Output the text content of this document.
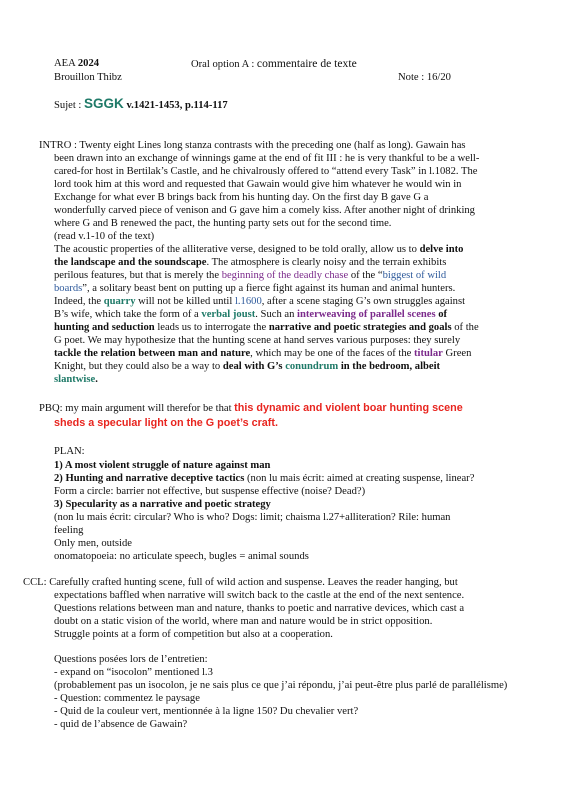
AEA 2024	Oral option A : commentaire de texte
Brouillon Thibz	Note : 16/20
Sujet : SGGK v.1421-1453, p.114-117
INTRO : Twenty eight Lines long stanza contrasts with the preceding one (half as long). Gawain has
been drawn into an exchange of winnings game at the end of fit III : he is very thankful to be a well-
cared-for host in Bertilak’s Castle, and he chivalrously offered to “attend every Task” in l.1082. The
lord took him at this word and requested that Gawain would give him whatever he would win in
Exchange for what ever B brings back from his hunting day. On the first day B gave G a
wonderfully carved piece of venison and G gave him a comely kiss. After another night of drinking
where G and B renewed the pact, the hunting party sets out for the second time.
(read v.1-10 of the text)
The acoustic properties of the alliterative verse, designed to be told orally, allow us to delve into
the landscape and the soundscape. The atmosphere is clearly noisy and the terrain exhibits
perilous features, but that is merely the beginning of the deadly chase of the “biggest of wild
boards”, a solitary beast bent on putting up a fierce fight against its human and animal hunters.
Indeed, the quarry will not be killed until l.1600, after a scene staging G’s own struggles against
B’s wife, which take the form of a verbal joust. Such an interweaving of parallel scenes of
hunting and seduction leads us to interrogate the narrative and poetic strategies and goals of the
G poet. We may hypothesize that the hunting scene at hand serves various purposes: they surely
tackle the relation between man and nature, which may be one of the faces of the titular Green
Knight, but they could also be a way to deal with G’s conundrum in the bedroom, albeit
slantwise.
PBQ: my main argument will therefor be that this dynamic and violent boar hunting scene
sheds a specular light on the G poet’s craft.
PLAN:
1) A most violent struggle of nature against man
2) Hunting and narrative deceptive tactics (non lu mais écrit: aimed at creating suspense, linear?
Form a circle: barrier not effective, but suspense effective (noise? Dead?)
3) Specularity as a narrative and poetic strategy
(non lu mais écrit: circular? Who is who? Dogs: limit; chaisma l.27+alliteration? Rile: human
feeling
Only men, outside
onomatopoeia: no articulate speech, bugles = animal sounds
CCL: Carefully crafted hunting scene, full of wild action and suspense. Leaves the reader hanging, but
expectations baffled when narrative will switch back to the castle at the end of the next sentence.
Questions relations between man and nature, thanks to poetic and narrative devices, which cast a
doubt on a static vision of the world, where man and nature would be in strict opposition.
Struggle points at a form of competition but also at a cooperation.
Questions posées lors de l’entretien:
- expand on “isocolon” mentioned l.3
(probablement pas un isocolon, je ne sais plus ce que j’ai répondu, j’ai peut-être plus parlé de parallélisme)
- Question: commentez le paysage
- Quid de la couleur vert, mentionnée à la ligne 150? Du chevalier vert?
- quid de l’absence de Gawain?
